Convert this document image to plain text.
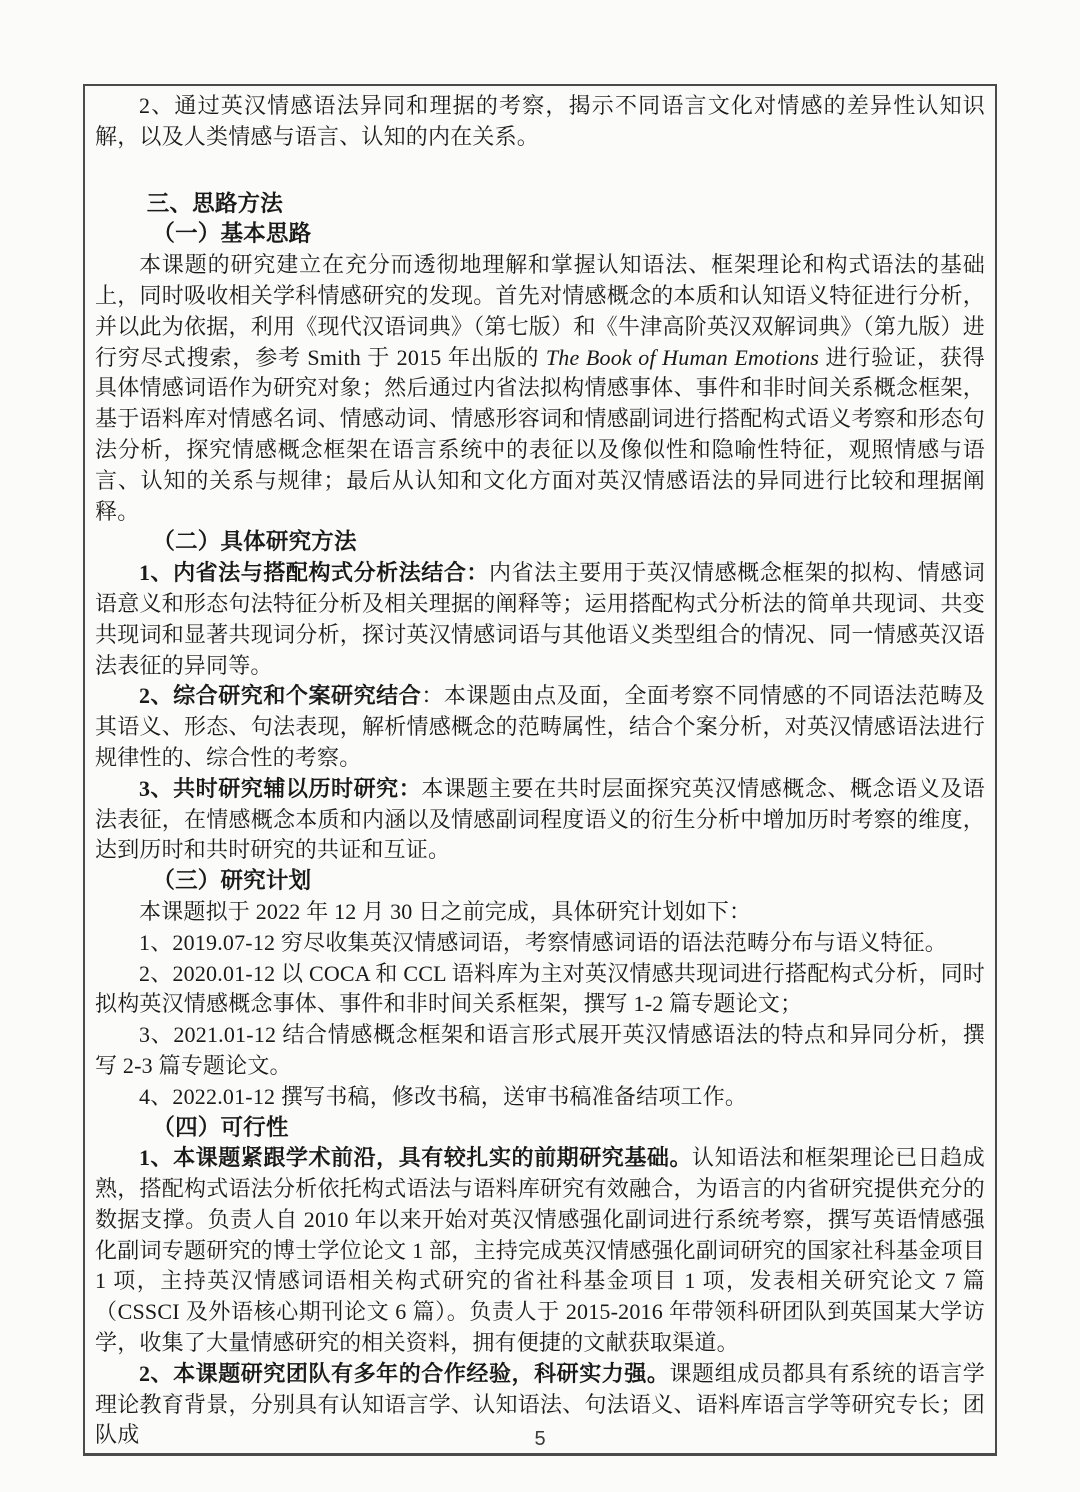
2、通过英汉情感语法异同和理据的考察，揭示不同语言文化对情感的差异性认知识解，以及人类情感与语言、认知的内在关系。

三、思路方法

（一）基本思路

本课题的研究建立在充分而透彻地理解和掌握认知语法、框架理论和构式语法的基础上，同时吸收相关学科情感研究的发现。首先对情感概念的本质和认知语义特征进行分析，并以此为依据，利用《现代汉语词典》（第七版）和《牛津高阶英汉双解词典》（第九版）进行穷尽式搜索，参考 Smith 于 2015 年出版的 The Book of Human Emotions 进行验证，获得具体情感词语作为研究对象；然后通过内省法拟构情感事体、事件和非时间关系概念框架，基于语料库对情感名词、情感动词、情感形容词和情感副词进行搭配构式语义考察和形态句法分析，探究情感概念框架在语言系统中的表征以及像似性和隐喻性特征，观照情感与语言、认知的关系与规律；最后从认知和文化方面对英汉情感语法的异同进行比较和理据阐释。

（二）具体研究方法

1、内省法与搭配构式分析法结合：内省法主要用于英汉情感概念框架的拟构、情感词语意义和形态句法特征分析及相关理据的阐释等；运用搭配构式分析法的简单共现词、共变共现词和显著共现词分析，探讨英汉情感词语与其他语义类型组合的情况、同一情感英汉语法表征的异同等。

2、综合研究和个案研究结合：本课题由点及面，全面考察不同情感的不同语法范畴及其语义、形态、句法表现，解析情感概念的范畴属性，结合个案分析，对英汉情感语法进行规律性的、综合性的考察。

3、共时研究辅以历时研究：本课题主要在共时层面探究英汉情感概念、概念语义及语法表征，在情感概念本质和内涵以及情感副词程度语义的衍生分析中增加历时考察的维度，达到历时和共时研究的共证和互证。

（三）研究计划

本课题拟于 2022 年 12 月 30 日之前完成，具体研究计划如下：

1、2019.07-12 穷尽收集英汉情感词语，考察情感词语的语法范畴分布与语义特征。

2、2020.01-12 以 COCA 和 CCL 语料库为主对英汉情感共现词进行搭配构式分析，同时拟构英汉情感概念事体、事件和非时间关系框架，撰写 1-2 篇专题论文；

3、2021.01-12 结合情感概念框架和语言形式展开英汉情感语法的特点和异同分析，撰写 2-3 篇专题论文。

4、2022.01-12 撰写书稿，修改书稿，送审书稿准备结项工作。

（四）可行性

1、本课题紧跟学术前沿，具有较扎实的前期研究基础。认知语法和框架理论已日趋成熟，搭配构式语法分析依托构式语法与语料库研究有效融合，为语言的内省研究提供充分的数据支撑。负责人自 2010 年以来开始对英汉情感强化副词进行系统考察，撰写英语情感强化副词专题研究的博士学位论文 1 部，主持完成英汉情感强化副词研究的国家社科基金项目 1 项，主持英汉情感词语相关构式研究的省社科基金项目 1 项，发表相关研究论文 7 篇（CSSCI 及外语核心期刊论文 6 篇）。负责人于 2015-2016 年带领科研团队到英国某大学访学，收集了大量情感研究的相关资料，拥有便捷的文献获取渠道。

2、本课题研究团队有多年的合作经验，科研实力强。课题组成员都具有系统的语言学理论教育背景，分别具有认知语言学、认知语法、句法语义、语料库语言学等研究专长；团队成	5
